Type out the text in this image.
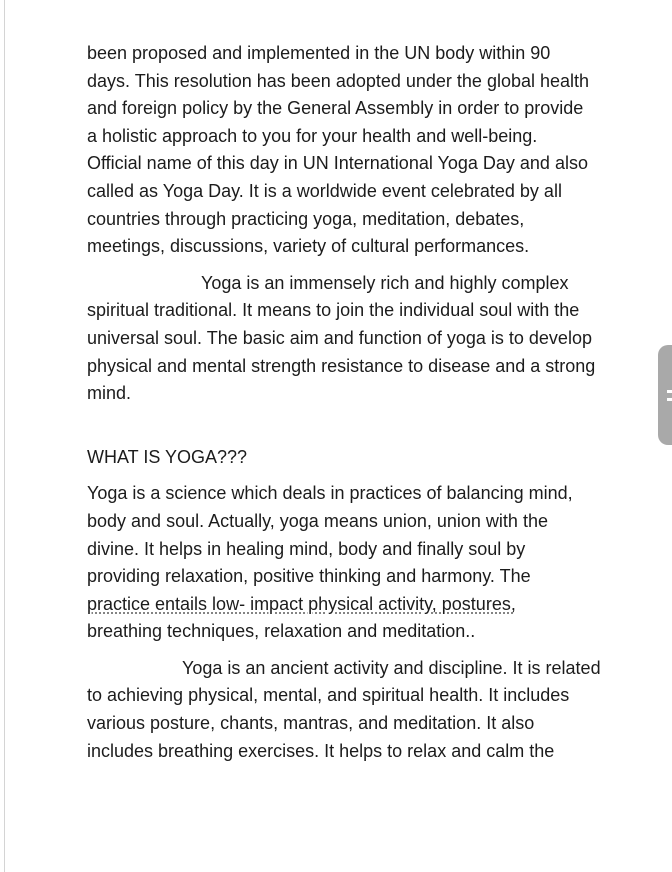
been proposed and implemented in the UN body within 90
days. This resolution has been adopted under the global health
and foreign policy by the General Assembly in order to provide
a holistic approach to you for your health and well-being.
Official name of this day in UN International Yoga Day and also
called as Yoga Day. It is a worldwide event celebrated by all
countries through practicing yoga, meditation, debates,
meetings, discussions, variety of cultural performances.

Yoga is an immensely rich and highly complex
spiritual traditional. It means to join the individual soul with the
universal soul. The basic aim and function of yoga is to develop
physical and mental strength resistance to disease and a strong
mind.

WHAT IS YOGA???

Yoga is a science which deals in practices of balancing mind,
body and soul. Actually, yoga means union, union with the
divine. It helps in healing mind, body and finally soul by
providing relaxation, positive thinking and harmony. The
practice entails low- impact physical activity, postures,
breathing techniques, relaxation and meditation..

Yoga is an ancient activity and discipline. It is related
to achieving physical, mental, and spiritual health. It includes
various posture, chants, mantras, and meditation. It also
includes breathing exercises. It helps to relax and calm the
